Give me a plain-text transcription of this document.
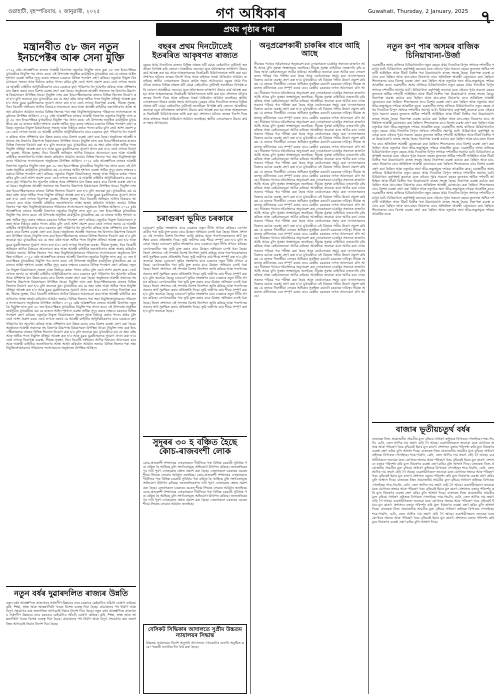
গুৱাহাটী, বৃহস্পতিবাৰ, ২ জানুৱাৰী, ২০২৫	গণ অধিকাৰ	Guwahati, Thursday, 2 January, 2025 ৭
প্ৰথম পৃষ্ঠাৰ পৰা
মন্ত্ৰানবীত ৫৮ জন নতুন ইনচপেক্টৰ আৰু সেনা মুক্তি
২০২৫ বৰ্ষৰ আৰম্ভণিতে ৰাজ্যৰ আৰক্ষী বিভাগত নতুনকৈ নিযুক্তি লাভ কৰা ৫৮ জন ইনচপেক্টৰক মুখ্যমন্ত্ৰীয়ে নিযুক্তি পত্ৰ প্ৰদান কৰে। এই উপলক্ষে অনুষ্ঠিত কাৰ্যসূচীত মুখ্যমন্ত্ৰীয়ে কয় যে ৰাজ্যৰ আইন শৃংখলা ব্যৱস্থা অধিক সুদৃঢ় কৰাৰ লক্ষ্যৰে চৰকাৰে বিভিন্ন পদক্ষেপ গ্ৰহণ কৰিছে। নতুনকৈ নিযুক্ত বিষয়াসকলে সততা আৰু নিষ্ঠাৰে কৰ্তব্য পালন কৰিব বুলি তেওঁ আশা প্ৰকাশ কৰে। তেওঁ লগতে জনায় যে আৰক্ষী বাহিনীৰ আধুনিকীকৰণৰ বাবে চৰকাৰে বৃহৎ পৰিমাণৰ ধন আবণ্টন কৰিছে আৰু প্ৰশিক্ষণৰ মান উন্নত কৰাৰ বাবে বিশেষ ব্যৱস্থা গ্ৰহণ কৰা হৈছে। অনুষ্ঠানত আৰক্ষী সঞ্চালক সহ বিভাগৰ উচ্চপদস্থ বিষয়াসকল উপস্থিত থাকে। নিযুক্তি লাভ কৰা ইনচপেক্টৰসকলক ৰাজ্যৰ বিভিন্ন জিলাত নিয়োগ কৰা হ'ব বুলি জনোৱা হয়। মুখ্যমন্ত্ৰীয়ে কয় যে অহা বৰ্ষত আৰু অধিক পদত নিযুক্তি প্ৰক্ৰিয়া আৰম্ভ কৰা হ'ব আৰু যুৱক যুৱতীসকলক সুযোগ প্ৰদান কৰা হ'ব। তেওঁ লগতে নিৰাপত্তা ব্যৱস্থা, সীমান্ত সুৰক্ষা, নিচা বিৰোধী অভিযান আদিৰ বিষয়েও আলোচনা কৰে আৰু আৰক্ষী বাহিনীক জনসাধাৰণৰ আস্থা অৰ্জন কৰিবলৈ আহ্বান জনায়। বিভিন্ন জিলাৰ পৰা অহা নিযুক্তিপ্ৰাপ্তসকলৰ পৰিয়ালৰ সদস্যসকলো অনুষ্ঠানত উপস্থিত আছিল। ২০২৫ বৰ্ষৰ আৰম্ভণিতে ৰাজ্যৰ আৰক্ষী বিভাগত নতুনকৈ নিযুক্তি লাভ কৰা ৫৮ জন ইনচপেক্টৰক মুখ্যমন্ত্ৰীয়ে নিযুক্তি পত্ৰ প্ৰদান কৰে। এই উপলক্ষে অনুষ্ঠিত কাৰ্যসূচীত মুখ্যমন্ত্ৰীয়ে কয় যে ৰাজ্যৰ আইন শৃংখলা ব্যৱস্থা অধিক সুদৃঢ় কৰাৰ লক্ষ্যৰে চৰকাৰে বিভিন্ন পদক্ষেপ গ্ৰহণ কৰিছে। নতুনকৈ নিযুক্ত বিষয়াসকলে সততা আৰু নিষ্ঠাৰে কৰ্তব্য পালন কৰিব বুলি তেওঁ আশা প্ৰকাশ কৰে। তেওঁ লগতে জনায় যে আৰক্ষী বাহিনীৰ আধুনিকীকৰণৰ বাবে চৰকাৰে বৃহৎ পৰিমাণৰ ধন আবণ্টন কৰিছে আৰু প্ৰশিক্ষণৰ মান উন্নত কৰাৰ বাবে বিশেষ ব্যৱস্থা গ্ৰহণ কৰা হৈছে। অনুষ্ঠানত আৰক্ষী সঞ্চালক সহ বিভাগৰ উচ্চপদস্থ বিষয়াসকল উপস্থিত থাকে। নিযুক্তি লাভ কৰা ইনচপেক্টৰসকলক ৰাজ্যৰ বিভিন্ন জিলাত নিয়োগ কৰা হ'ব বুলি জনোৱা হয়। মুখ্যমন্ত্ৰীয়ে কয় যে অহা বৰ্ষত আৰু অধিক পদত নিযুক্তি প্ৰক্ৰিয়া আৰম্ভ কৰা হ'ব আৰু যুৱক যুৱতীসকলক সুযোগ প্ৰদান কৰা হ'ব। তেওঁ লগতে নিৰাপত্তা ব্যৱস্থা, সীমান্ত সুৰক্ষা, নিচা বিৰোধী অভিযান আদিৰ বিষয়েও আলোচনা কৰে আৰু আৰক্ষী বাহিনীক জনসাধাৰণৰ আস্থা অৰ্জন কৰিবলৈ আহ্বান জনায়। বিভিন্ন জিলাৰ পৰা অহা নিযুক্তিপ্ৰাপ্তসকলৰ পৰিয়ালৰ সদস্যসকলো অনুষ্ঠানত উপস্থিত আছিল। ২০২৫ বৰ্ষৰ আৰম্ভণিতে ৰাজ্যৰ আৰক্ষী বিভাগত নতুনকৈ নিযুক্তি লাভ কৰা ৫৮ জন ইনচপেক্টৰক মুখ্যমন্ত্ৰীয়ে নিযুক্তি পত্ৰ প্ৰদান কৰে। এই উপলক্ষে অনুষ্ঠিত কাৰ্যসূচীত মুখ্যমন্ত্ৰীয়ে কয় যে ৰাজ্যৰ আইন শৃংখলা ব্যৱস্থা অধিক সুদৃঢ় কৰাৰ লক্ষ্যৰে চৰকাৰে বিভিন্ন পদক্ষেপ গ্ৰহণ কৰিছে। নতুনকৈ নিযুক্ত বিষয়াসকলে সততা আৰু নিষ্ঠাৰে কৰ্তব্য পালন কৰিব বুলি তেওঁ আশা প্ৰকাশ কৰে। তেওঁ লগতে জনায় যে আৰক্ষী বাহিনীৰ আধুনিকীকৰণৰ বাবে চৰকাৰে বৃহৎ পৰিমাণৰ ধন আবণ্টন কৰিছে আৰু প্ৰশিক্ষণৰ মান উন্নত কৰাৰ বাবে বিশেষ ব্যৱস্থা গ্ৰহণ কৰা হৈছে। অনুষ্ঠানত আৰক্ষী সঞ্চালক সহ বিভাগৰ উচ্চপদস্থ বিষয়াসকল উপস্থিত থাকে। নিযুক্তি লাভ কৰা ইনচপেক্টৰসকলক ৰাজ্যৰ বিভিন্ন জিলাত নিয়োগ কৰা হ'ব বুলি জনোৱা হয়। মুখ্যমন্ত্ৰীয়ে কয় যে অহা বৰ্ষত আৰু অধিক পদত নিযুক্তি প্ৰক্ৰিয়া আৰম্ভ কৰা হ'ব আৰু যুৱক যুৱতীসকলক সুযোগ প্ৰদান কৰা হ'ব। তেওঁ লগতে নিৰাপত্তা ব্যৱস্থা, সীমান্ত সুৰক্ষা, নিচা বিৰোধী অভিযান আদিৰ বিষয়েও আলোচনা কৰে আৰু আৰক্ষী বাহিনীক জনসাধাৰণৰ আস্থা অৰ্জন কৰিবলৈ আহ্বান জনায়। বিভিন্ন জিলাৰ পৰা অহা নিযুক্তিপ্ৰাপ্তসকলৰ পৰিয়ালৰ সদস্যসকলো অনুষ্ঠানত উপস্থিত আছিল। ২০২৫ বৰ্ষৰ আৰম্ভণিতে ৰাজ্যৰ আৰক্ষী বিভাগত নতুনকৈ নিযুক্তি লাভ কৰা ৫৮ জন ইনচপেক্টৰক মুখ্যমন্ত্ৰীয়ে নিযুক্তি পত্ৰ প্ৰদান কৰে। এই উপলক্ষে অনুষ্ঠিত কাৰ্যসূচীত মুখ্যমন্ত্ৰীয়ে কয় যে ৰাজ্যৰ আইন শৃংখলা ব্যৱস্থা অধিক সুদৃঢ় কৰাৰ লক্ষ্যৰে চৰকাৰে বিভিন্ন পদক্ষেপ গ্ৰহণ কৰিছে। নতুনকৈ নিযুক্ত বিষয়াসকলে সততা আৰু নিষ্ঠাৰে কৰ্তব্য পালন কৰিব বুলি তেওঁ আশা প্ৰকাশ কৰে। তেওঁ লগতে জনায় যে আৰক্ষী বাহিনীৰ আধুনিকীকৰণৰ বাবে চৰকাৰে বৃহৎ পৰিমাণৰ ধন আবণ্টন কৰিছে আৰু প্ৰশিক্ষণৰ মান উন্নত কৰাৰ বাবে বিশেষ ব্যৱস্থা গ্ৰহণ কৰা হৈছে। অনুষ্ঠানত আৰক্ষী সঞ্চালক সহ বিভাগৰ উচ্চপদস্থ বিষয়াসকল উপস্থিত থাকে। নিযুক্তি লাভ কৰা ইনচপেক্টৰসকলক ৰাজ্যৰ বিভিন্ন জিলাত নিয়োগ কৰা হ'ব বুলি জনোৱা হয়। মুখ্যমন্ত্ৰীয়ে কয় যে অহা বৰ্ষত আৰু অধিক পদত নিযুক্তি প্ৰক্ৰিয়া আৰম্ভ কৰা হ'ব আৰু যুৱক যুৱতীসকলক সুযোগ প্ৰদান কৰা হ'ব। তেওঁ লগতে নিৰাপত্তা ব্যৱস্থা, সীমান্ত সুৰক্ষা, নিচা বিৰোধী অভিযান আদিৰ বিষয়েও আলোচনা কৰে আৰু আৰক্ষী বাহিনীক জনসাধাৰণৰ আস্থা অৰ্জন কৰিবলৈ আহ্বান জনায়। বিভিন্ন জিলাৰ পৰা অহা নিযুক্তিপ্ৰাপ্তসকলৰ পৰিয়ালৰ সদস্যসকলো অনুষ্ঠানত উপস্থিত আছিল। ২০২৫ বৰ্ষৰ আৰম্ভণিতে ৰাজ্যৰ আৰক্ষী বিভাগত নতুনকৈ নিযুক্তি লাভ কৰা ৫৮ জন ইনচপেক্টৰক মুখ্যমন্ত্ৰীয়ে নিযুক্তি পত্ৰ প্ৰদান কৰে। এই উপলক্ষে অনুষ্ঠিত কাৰ্যসূচীত মুখ্যমন্ত্ৰীয়ে কয় যে ৰাজ্যৰ আইন শৃংখলা ব্যৱস্থা অধিক সুদৃঢ় কৰাৰ লক্ষ্যৰে চৰকাৰে বিভিন্ন পদক্ষেপ গ্ৰহণ কৰিছে। নতুনকৈ নিযুক্ত বিষয়াসকলে সততা আৰু নিষ্ঠাৰে কৰ্তব্য পালন কৰিব বুলি তেওঁ আশা প্ৰকাশ কৰে। তেওঁ লগতে জনায় যে আৰক্ষী বাহিনীৰ আধুনিকীকৰণৰ বাবে চৰকাৰে বৃহৎ পৰিমাণৰ ধন আবণ্টন কৰিছে আৰু প্ৰশিক্ষণৰ মান উন্নত কৰাৰ বাবে বিশেষ ব্যৱস্থা গ্ৰহণ কৰা হৈছে। অনুষ্ঠানত আৰক্ষী সঞ্চালক সহ বিভাগৰ উচ্চপদস্থ বিষয়াসকল উপস্থিত থাকে। নিযুক্তি লাভ কৰা ইনচপেক্টৰসকলক ৰাজ্যৰ বিভিন্ন জিলাত নিয়োগ কৰা হ'ব বুলি জনোৱা হয়। মুখ্যমন্ত্ৰীয়ে কয় যে অহা বৰ্ষত আৰু অধিক পদত নিযুক্তি প্ৰক্ৰিয়া আৰম্ভ কৰা হ'ব আৰু যুৱক যুৱতীসকলক সুযোগ প্ৰদান কৰা হ'ব। তেওঁ লগতে নিৰাপত্তা ব্যৱস্থা, সীমান্ত সুৰক্ষা, নিচা বিৰোধী অভিযান আদিৰ বিষয়েও আলোচনা কৰে আৰু আৰক্ষী বাহিনীক জনসাধাৰণৰ আস্থা অৰ্জন কৰিবলৈ আহ্বান জনায়। বিভিন্ন জিলাৰ পৰা অহা নিযুক্তিপ্ৰাপ্তসকলৰ পৰিয়ালৰ সদস্যসকলো অনুষ্ঠানত উপস্থিত আছিল। ২০২৫ বৰ্ষৰ আৰম্ভণিতে ৰাজ্যৰ আৰক্ষী বিভাগত নতুনকৈ নিযুক্তি লাভ কৰা ৫৮ জন ইনচপেক্টৰক মুখ্যমন্ত্ৰীয়ে নিযুক্তি পত্ৰ প্ৰদান কৰে। এই উপলক্ষে অনুষ্ঠিত কাৰ্যসূচীত মুখ্যমন্ত্ৰীয়ে কয় যে ৰাজ্যৰ আইন শৃংখলা ব্যৱস্থা অধিক সুদৃঢ় কৰাৰ লক্ষ্যৰে চৰকাৰে বিভিন্ন পদক্ষেপ গ্ৰহণ কৰিছে। নতুনকৈ নিযুক্ত বিষয়াসকলে সততা আৰু নিষ্ঠাৰে কৰ্তব্য পালন কৰিব বুলি তেওঁ আশা প্ৰকাশ কৰে। তেওঁ লগতে জনায় যে আৰক্ষী বাহিনীৰ আধুনিকীকৰণৰ বাবে চৰকাৰে বৃহৎ পৰিমাণৰ ধন আবণ্টন কৰিছে আৰু প্ৰশিক্ষণৰ মান উন্নত কৰাৰ বাবে বিশেষ ব্যৱস্থা গ্ৰহণ কৰা হৈছে। অনুষ্ঠানত আৰক্ষী সঞ্চালক সহ বিভাগৰ উচ্চপদস্থ বিষয়াসকল উপস্থিত থাকে। নিযুক্তি লাভ কৰা ইনচপেক্টৰসকলক ৰাজ্যৰ বিভিন্ন জিলাত নিয়োগ কৰা হ'ব বুলি জনোৱা হয়। মুখ্যমন্ত্ৰীয়ে কয় যে অহা বৰ্ষত আৰু অধিক পদত নিযুক্তি প্ৰক্ৰিয়া আৰম্ভ কৰা হ'ব আৰু যুৱক যুৱতীসকলক সুযোগ প্ৰদান কৰা হ'ব। তেওঁ লগতে নিৰাপত্তা ব্যৱস্থা, সীমান্ত সুৰক্ষা, নিচা বিৰোধী অভিযান আদিৰ বিষয়েও আলোচনা কৰে আৰু আৰক্ষী বাহিনীক জনসাধাৰণৰ আস্থা অৰ্জন কৰিবলৈ আহ্বান জনায়। বিভিন্ন জিলাৰ পৰা অহা নিযুক্তিপ্ৰাপ্তসকলৰ পৰিয়ালৰ সদস্যসকলো অনুষ্ঠানত উপস্থিত আছিল।
নতুন বৰ্ষৰ দুৱাৰদলিত ৰাজ্যৰ উন্নতি
নতুন বৰ্ষৰ আৰম্ভণিতে ৰাজ্যখনৰ সৰ্বাংগীণ উন্নয়নৰ বাবে চৰকাৰে কেইবাটাও আঁচনি ঘোষণা কৰিছে। কৃষি, শিক্ষা, স্বাস্থ্য আৰু আন্তঃগাঁথনি খণ্ডত বিশেষ গুৰুত্ব দিয়া হৈছে। গ্ৰামাঞ্চলৰ পথ নিৰ্মাণ আৰু বিদ্যুৎ সংযোগৰ কাম দ্ৰুতগতিত আগবঢ়াই নিয়াৰ নিৰ্দেশ দিয়া হৈছে। নতুন বৰ্ষৰ আৰম্ভণিতে ৰাজ্যখনৰ সৰ্বাংগীণ উন্নয়নৰ বাবে চৰকাৰে কেইবাটাও আঁচনি ঘোষণা কৰিছে। কৃষি, শিক্ষা, স্বাস্থ্য আৰু আন্তঃগাঁথনি খণ্ডত বিশেষ গুৰুত্ব দিয়া হৈছে। গ্ৰামাঞ্চলৰ পথ নিৰ্মাণ আৰু বিদ্যুৎ সংযোগৰ কাম দ্ৰুতগতিত আগবঢ়াই নিয়াৰ নিৰ্দেশ দিয়া হৈছে।
বছৰৰ প্ৰথম দিনটোতেই ইতৰৰিত আকৃষণত ৰাজ্যত
বছৰৰ প্ৰথম দিনটোতে ৰাজ্যৰ বিভিন্ন প্ৰান্তত ঘটি যোৱা কেইবাটাও দুৰ্ঘটনাই জনজীৱন বিপৰ্যস্ত কৰি তোলে। আৰক্ষীয়ে জনোৱা মতে ঘটনাস্থলত তৎক্ষণাৎ উদ্ধাৰ কাৰ্য আৰম্ভ কৰা হয় আৰু আহতসকলক নিকটৱৰ্তী চিকিৎসালয়ত ভৰ্তি কৰা হয়। প্ৰশাসনে ঘটনাৰ তদন্তৰ নিৰ্দেশ দিছে আৰু ৰাইজক সতৰ্ক থাকিবলৈ আহ্বান জনাইছে। স্থানীয় লোকসকলে উদ্ধাৰ কাৰ্যত সহায় আগবঢ়ায়। বছৰৰ প্ৰথম দিনটোতে ৰাজ্যৰ বিভিন্ন প্ৰান্তত ঘটি যোৱা কেইবাটাও দুৰ্ঘটনাই জনজীৱন বিপৰ্যস্ত কৰি তোলে। আৰক্ষীয়ে জনোৱা মতে ঘটনাস্থলত তৎক্ষণাৎ উদ্ধাৰ কাৰ্য আৰম্ভ কৰা হয় আৰু আহতসকলক নিকটৱৰ্তী চিকিৎসালয়ত ভৰ্তি কৰা হয়। প্ৰশাসনে ঘটনাৰ তদন্তৰ নিৰ্দেশ দিছে আৰু ৰাইজক সতৰ্ক থাকিবলৈ আহ্বান জনাইছে। স্থানীয় লোকসকলে উদ্ধাৰ কাৰ্যত সহায় আগবঢ়ায়। বছৰৰ প্ৰথম দিনটোতে ৰাজ্যৰ বিভিন্ন প্ৰান্তত ঘটি যোৱা কেইবাটাও দুৰ্ঘটনাই জনজীৱন বিপৰ্যস্ত কৰি তোলে। আৰক্ষীয়ে জনোৱা মতে ঘটনাস্থলত তৎক্ষণাৎ উদ্ধাৰ কাৰ্য আৰম্ভ কৰা হয় আৰু আহতসকলক নিকটৱৰ্তী চিকিৎসালয়ত ভৰ্তি কৰা হয়। প্ৰশাসনে ঘটনাৰ তদন্তৰ নিৰ্দেশ দিছে আৰু ৰাইজক সতৰ্ক থাকিবলৈ আহ্বান জনাইছে। স্থানীয় লোকসকলে উদ্ধাৰ কাৰ্যত সহায় আগবঢ়ায়।
চৰাগুৰণ ভূমিত চৰকাৰে
চৰাগুৰণ ভূমিৰ সংৰক্ষণৰ বাবে চৰকাৰে নতুন নীতি প্ৰণয়ন কৰিছে। বেদখলকাৰীৰ পৰা ভূমি মুক্ত কৰাৰ বাবে উচ্ছেদ অভিযান চলাই থকা হৈছে। জিলা প্ৰশাসনে এই সন্দৰ্ভত বিশেষ নিৰ্দেশনা জাৰি কৰিছে আৰু পশুপালকসকলৰ স্বাৰ্থ সুৰক্ষিত কৰাৰ প্ৰতিশ্ৰুতি দিছে। ভূমি জৰীপৰ কাম শীঘ্ৰে সম্পূৰ্ণ কৰা হ'ব বুলি জনোৱা হৈছে। চৰাগুৰণ ভূমিৰ সংৰক্ষণৰ বাবে চৰকাৰে নতুন নীতি প্ৰণয়ন কৰিছে। বেদখলকাৰীৰ পৰা ভূমি মুক্ত কৰাৰ বাবে উচ্ছেদ অভিযান চলাই থকা হৈছে। জিলা প্ৰশাসনে এই সন্দৰ্ভত বিশেষ নিৰ্দেশনা জাৰি কৰিছে আৰু পশুপালকসকলৰ স্বাৰ্থ সুৰক্ষিত কৰাৰ প্ৰতিশ্ৰুতি দিছে। ভূমি জৰীপৰ কাম শীঘ্ৰে সম্পূৰ্ণ কৰা হ'ব বুলি জনোৱা হৈছে। চৰাগুৰণ ভূমিৰ সংৰক্ষণৰ বাবে চৰকাৰে নতুন নীতি প্ৰণয়ন কৰিছে। বেদখলকাৰীৰ পৰা ভূমি মুক্ত কৰাৰ বাবে উচ্ছেদ অভিযান চলাই থকা হৈছে। জিলা প্ৰশাসনে এই সন্দৰ্ভত বিশেষ নিৰ্দেশনা জাৰি কৰিছে আৰু পশুপালকসকলৰ স্বাৰ্থ সুৰক্ষিত কৰাৰ প্ৰতিশ্ৰুতি দিছে। ভূমি জৰীপৰ কাম শীঘ্ৰে সম্পূৰ্ণ কৰা হ'ব বুলি জনোৱা হৈছে। চৰাগুৰণ ভূমিৰ সংৰক্ষণৰ বাবে চৰকাৰে নতুন নীতি প্ৰণয়ন কৰিছে। বেদখলকাৰীৰ পৰা ভূমি মুক্ত কৰাৰ বাবে উচ্ছেদ অভিযান চলাই থকা হৈছে। জিলা প্ৰশাসনে এই সন্দৰ্ভত বিশেষ নিৰ্দেশনা জাৰি কৰিছে আৰু পশুপালকসকলৰ স্বাৰ্থ সুৰক্ষিত কৰাৰ প্ৰতিশ্ৰুতি দিছে। ভূমি জৰীপৰ কাম শীঘ্ৰে সম্পূৰ্ণ কৰা হ'ব বুলি জনোৱা হৈছে। চৰাগুৰণ ভূমিৰ সংৰক্ষণৰ বাবে চৰকাৰে নতুন নীতি প্ৰণয়ন কৰিছে। বেদখলকাৰীৰ পৰা ভূমি মুক্ত কৰাৰ বাবে উচ্ছেদ অভিযান চলাই থকা হৈছে। জিলা প্ৰশাসনে এই সন্দৰ্ভত বিশেষ নিৰ্দেশনা জাৰি কৰিছে আৰু পশুপালকসকলৰ স্বাৰ্থ সুৰক্ষিত কৰাৰ প্ৰতিশ্ৰুতি দিছে। ভূমি জৰীপৰ কাম শীঘ্ৰে সম্পূৰ্ণ কৰা হ'ব বুলি জনোৱা হৈছে।
সুদূৰৰ ৩০ হ বঞ্চিত হৈছে কোচ-ৰাজবংশী লোক
কোচ-ৰাজবংশী সম্প্ৰদায়ৰ লোকসকলে দীৰ্ঘদিনৰ পৰা বিভিন্ন চৰকাৰী সুবিধাৰ পৰা বঞ্চিত হৈ আহিছে বুলি সংগঠনসমূহে অভিযোগ উত্থাপন কৰিছে। জনজাতিকৰণৰ দাবী পূৰণ নোহোৱাত ক্ষোভ প্ৰকাশ কৰা হৈছে। নেতাসকলে চৰকাৰৰ ওচৰত শীঘ্ৰে সিদ্ধান্ত লোৱাৰ আহ্বান জনাইছে। কোচ-ৰাজবংশী সম্প্ৰদায়ৰ লোকসকলে দীৰ্ঘদিনৰ পৰা বিভিন্ন চৰকাৰী সুবিধাৰ পৰা বঞ্চিত হৈ আহিছে বুলি সংগঠনসমূহে অভিযোগ উত্থাপন কৰিছে। জনজাতিকৰণৰ দাবী পূৰণ নোহোৱাত ক্ষোভ প্ৰকাশ কৰা হৈছে। নেতাসকলে চৰকাৰৰ ওচৰত শীঘ্ৰে সিদ্ধান্ত লোৱাৰ আহ্বান জনাইছে। কোচ-ৰাজবংশী সম্প্ৰদায়ৰ লোকসকলে দীৰ্ঘদিনৰ পৰা বিভিন্ন চৰকাৰী সুবিধাৰ পৰা বঞ্চিত হৈ আহিছে বুলি সংগঠনসমূহে অভিযোগ উত্থাপন কৰিছে। জনজাতিকৰণৰ দাবী পূৰণ নোহোৱাত ক্ষোভ প্ৰকাশ কৰা হৈছে। নেতাসকলে চৰকাৰৰ ওচৰত শীঘ্ৰে সিদ্ধান্ত লোৱাৰ আহ্বান জনাইছে।
বেসিকট সিদ্ধিকাৰ আদালতে সুপ্ৰীম উচ্চতম ন্যায়ালয়ৰ সিদ্ধান্ত
উচ্চতম ন্যায়ালয়ৰ নিৰ্দেশ অনুসৰি আদালতে গোচৰটোৰ শুনানি অনুষ্ঠিত কৰে। পৰৱৰ্তী শুনানিৰ দিন ধাৰ্য কৰা হৈছে।
অনুপ্ৰৱেশকাৰী চাকৰিৰ বাবে আহি আছে
সীমান্তৰ পথেৰে অবৈধভাৱে অনুপ্ৰৱেশ কৰা লোকসকলে চাকৰিৰ সন্ধানত ৰাজ্যলৈ আহি আছে বুলি সুৰক্ষা সংস্থাসমূহে জনাইছে। সীমান্ত সুৰক্ষা বাহিনীয়ে নজৰদাৰি বৃদ্ধি কৰিছে আৰু কেইবাজনকো আটক কৰিছে। আৰক্ষীয়ে জনোৱা মতে আটক কৰা লোকসকলৰ পৰিচয় পত্ৰ পৰীক্ষা কৰা হৈছে আৰু তেওঁলোকক সহায় কৰা দালালসকলৰ বিৰুদ্ধে কঠোৰ ব্যৱস্থা গ্ৰহণ কৰা হ'ব। মুখ্যমন্ত্ৰীয়ে এই বিষয়ত গভীৰ উদ্বেগ প্ৰকাশ কৰি কয় যে ৰাজ্যৰ খিলঞ্জীয়া লোকৰ অধিকাৰ সুৰক্ষিত কৰাটো চৰকাৰৰ দায়িত্ব। সীমান্ত অঞ্চলত কাঁটাতাৰৰ বেৰ সম্পূৰ্ণ কৰাৰ বাবে কেন্দ্ৰীয় চৰকাৰৰ লগত আলোচনা চলি আছে। সীমান্তৰ পথেৰে অবৈধভাৱে অনুপ্ৰৱেশ কৰা লোকসকলে চাকৰিৰ সন্ধানত ৰাজ্যলৈ আহি আছে বুলি সুৰক্ষা সংস্থাসমূহে জনাইছে। সীমান্ত সুৰক্ষা বাহিনীয়ে নজৰদাৰি বৃদ্ধি কৰিছে আৰু কেইবাজনকো আটক কৰিছে। আৰক্ষীয়ে জনোৱা মতে আটক কৰা লোকসকলৰ পৰিচয় পত্ৰ পৰীক্ষা কৰা হৈছে আৰু তেওঁলোকক সহায় কৰা দালালসকলৰ বিৰুদ্ধে কঠোৰ ব্যৱস্থা গ্ৰহণ কৰা হ'ব। মুখ্যমন্ত্ৰীয়ে এই বিষয়ত গভীৰ উদ্বেগ প্ৰকাশ কৰি কয় যে ৰাজ্যৰ খিলঞ্জীয়া লোকৰ অধিকাৰ সুৰক্ষিত কৰাটো চৰকাৰৰ দায়িত্ব। সীমান্ত অঞ্চলত কাঁটাতাৰৰ বেৰ সম্পূৰ্ণ কৰাৰ বাবে কেন্দ্ৰীয় চৰকাৰৰ লগত আলোচনা চলি আছে। সীমান্তৰ পথেৰে অবৈধভাৱে অনুপ্ৰৱেশ কৰা লোকসকলে চাকৰিৰ সন্ধানত ৰাজ্যলৈ আহি আছে বুলি সুৰক্ষা সংস্থাসমূহে জনাইছে। সীমান্ত সুৰক্ষা বাহিনীয়ে নজৰদাৰি বৃদ্ধি কৰিছে আৰু কেইবাজনকো আটক কৰিছে। আৰক্ষীয়ে জনোৱা মতে আটক কৰা লোকসকলৰ পৰিচয় পত্ৰ পৰীক্ষা কৰা হৈছে আৰু তেওঁলোকক সহায় কৰা দালালসকলৰ বিৰুদ্ধে কঠোৰ ব্যৱস্থা গ্ৰহণ কৰা হ'ব। মুখ্যমন্ত্ৰীয়ে এই বিষয়ত গভীৰ উদ্বেগ প্ৰকাশ কৰি কয় যে ৰাজ্যৰ খিলঞ্জীয়া লোকৰ অধিকাৰ সুৰক্ষিত কৰাটো চৰকাৰৰ দায়িত্ব। সীমান্ত অঞ্চলত কাঁটাতাৰৰ বেৰ সম্পূৰ্ণ কৰাৰ বাবে কেন্দ্ৰীয় চৰকাৰৰ লগত আলোচনা চলি আছে। সীমান্তৰ পথেৰে অবৈধভাৱে অনুপ্ৰৱেশ কৰা লোকসকলে চাকৰিৰ সন্ধানত ৰাজ্যলৈ আহি আছে বুলি সুৰক্ষা সংস্থাসমূহে জনাইছে। সীমান্ত সুৰক্ষা বাহিনীয়ে নজৰদাৰি বৃদ্ধি কৰিছে আৰু কেইবাজনকো আটক কৰিছে। আৰক্ষীয়ে জনোৱা মতে আটক কৰা লোকসকলৰ পৰিচয় পত্ৰ পৰীক্ষা কৰা হৈছে আৰু তেওঁলোকক সহায় কৰা দালালসকলৰ বিৰুদ্ধে কঠোৰ ব্যৱস্থা গ্ৰহণ কৰা হ'ব। মুখ্যমন্ত্ৰীয়ে এই বিষয়ত গভীৰ উদ্বেগ প্ৰকাশ কৰি কয় যে ৰাজ্যৰ খিলঞ্জীয়া লোকৰ অধিকাৰ সুৰক্ষিত কৰাটো চৰকাৰৰ দায়িত্ব। সীমান্ত অঞ্চলত কাঁটাতাৰৰ বেৰ সম্পূৰ্ণ কৰাৰ বাবে কেন্দ্ৰীয় চৰকাৰৰ লগত আলোচনা চলি আছে। সীমান্তৰ পথেৰে অবৈধভাৱে অনুপ্ৰৱেশ কৰা লোকসকলে চাকৰিৰ সন্ধানত ৰাজ্যলৈ আহি আছে বুলি সুৰক্ষা সংস্থাসমূহে জনাইছে। সীমান্ত সুৰক্ষা বাহিনীয়ে নজৰদাৰি বৃদ্ধি কৰিছে আৰু কেইবাজনকো আটক কৰিছে। আৰক্ষীয়ে জনোৱা মতে আটক কৰা লোকসকলৰ পৰিচয় পত্ৰ পৰীক্ষা কৰা হৈছে আৰু তেওঁলোকক সহায় কৰা দালালসকলৰ বিৰুদ্ধে কঠোৰ ব্যৱস্থা গ্ৰহণ কৰা হ'ব। মুখ্যমন্ত্ৰীয়ে এই বিষয়ত গভীৰ উদ্বেগ প্ৰকাশ কৰি কয় যে ৰাজ্যৰ খিলঞ্জীয়া লোকৰ অধিকাৰ সুৰক্ষিত কৰাটো চৰকাৰৰ দায়িত্ব। সীমান্ত অঞ্চলত কাঁটাতাৰৰ বেৰ সম্পূৰ্ণ কৰাৰ বাবে কেন্দ্ৰীয় চৰকাৰৰ লগত আলোচনা চলি আছে। সীমান্তৰ পথেৰে অবৈধভাৱে অনুপ্ৰৱেশ কৰা লোকসকলে চাকৰিৰ সন্ধানত ৰাজ্যলৈ আহি আছে বুলি সুৰক্ষা সংস্থাসমূহে জনাইছে। সীমান্ত সুৰক্ষা বাহিনীয়ে নজৰদাৰি বৃদ্ধি কৰিছে আৰু কেইবাজনকো আটক কৰিছে। আৰক্ষীয়ে জনোৱা মতে আটক কৰা লোকসকলৰ পৰিচয় পত্ৰ পৰীক্ষা কৰা হৈছে আৰু তেওঁলোকক সহায় কৰা দালালসকলৰ বিৰুদ্ধে কঠোৰ ব্যৱস্থা গ্ৰহণ কৰা হ'ব। মুখ্যমন্ত্ৰীয়ে এই বিষয়ত গভীৰ উদ্বেগ প্ৰকাশ কৰি কয় যে ৰাজ্যৰ খিলঞ্জীয়া লোকৰ অধিকাৰ সুৰক্ষিত কৰাটো চৰকাৰৰ দায়িত্ব। সীমান্ত অঞ্চলত কাঁটাতাৰৰ বেৰ সম্পূৰ্ণ কৰাৰ বাবে কেন্দ্ৰীয় চৰকাৰৰ লগত আলোচনা চলি আছে। সীমান্তৰ পথেৰে অবৈধভাৱে অনুপ্ৰৱেশ কৰা লোকসকলে চাকৰিৰ সন্ধানত ৰাজ্যলৈ আহি আছে বুলি সুৰক্ষা সংস্থাসমূহে জনাইছে। সীমান্ত সুৰক্ষা বাহিনীয়ে নজৰদাৰি বৃদ্ধি কৰিছে আৰু কেইবাজনকো আটক কৰিছে। আৰক্ষীয়ে জনোৱা মতে আটক কৰা লোকসকলৰ পৰিচয় পত্ৰ পৰীক্ষা কৰা হৈছে আৰু তেওঁলোকক সহায় কৰা দালালসকলৰ বিৰুদ্ধে কঠোৰ ব্যৱস্থা গ্ৰহণ কৰা হ'ব। মুখ্যমন্ত্ৰীয়ে এই বিষয়ত গভীৰ উদ্বেগ প্ৰকাশ কৰি কয় যে ৰাজ্যৰ খিলঞ্জীয়া লোকৰ অধিকাৰ সুৰক্ষিত কৰাটো চৰকাৰৰ দায়িত্ব। সীমান্ত অঞ্চলত কাঁটাতাৰৰ বেৰ সম্পূৰ্ণ কৰাৰ বাবে কেন্দ্ৰীয় চৰকাৰৰ লগত আলোচনা চলি আছে। সীমান্তৰ পথেৰে অবৈধভাৱে অনুপ্ৰৱেশ কৰা লোকসকলে চাকৰিৰ সন্ধানত ৰাজ্যলৈ আহি আছে বুলি সুৰক্ষা সংস্থাসমূহে জনাইছে। সীমান্ত সুৰক্ষা বাহিনীয়ে নজৰদাৰি বৃদ্ধি কৰিছে আৰু কেইবাজনকো আটক কৰিছে। আৰক্ষীয়ে জনোৱা মতে আটক কৰা লোকসকলৰ পৰিচয় পত্ৰ পৰীক্ষা কৰা হৈছে আৰু তেওঁলোকক সহায় কৰা দালালসকলৰ বিৰুদ্ধে কঠোৰ ব্যৱস্থা গ্ৰহণ কৰা হ'ব। মুখ্যমন্ত্ৰীয়ে এই বিষয়ত গভীৰ উদ্বেগ প্ৰকাশ কৰি কয় যে ৰাজ্যৰ খিলঞ্জীয়া লোকৰ অধিকাৰ সুৰক্ষিত কৰাটো চৰকাৰৰ দায়িত্ব। সীমান্ত অঞ্চলত কাঁটাতাৰৰ বেৰ সম্পূৰ্ণ কৰাৰ বাবে কেন্দ্ৰীয় চৰকাৰৰ লগত আলোচনা চলি আছে।
নতুন কণ পাৰ অসমৰ বাজিক চিনিয়াখানা-উৰ্জা
গুৱাহাটীৰ অসম ৰাজ্যিক চিৰিয়াখানালৈ নতুন বছৰৰ প্ৰথম দিনটোত বিপুল সংখ্যক দৰ্শনাৰ্থীৰ সমাগম ঘটে। চিৰিয়াখানা কৰ্তৃপক্ষই জনোৱা মতে এইবাৰ পূৰ্বৰ সকলো বছৰৰ তুলনাত অধিক দৰ্শনাৰ্থী আহিছিল আৰু টিকট বিক্ৰীৰ পৰা উল্লেখযোগ্য ৰাজহ সংগ্ৰহ হৈছে। নিৰাপত্তা ব্যৱস্থা কঠোৰ কৰা হৈছিল আৰু যান-বাহন নিয়ন্ত্ৰণৰ বাবে অতিৰিক্ত আৰক্ষী মোতায়েন কৰা হৈছিল। শিশুসকলৰ বাবে বিশেষ ব্যৱস্থা গ্ৰহণ কৰা হৈছিল আৰু নতুনকৈ অনা জীৱ-জন্তুসমূহে দৰ্শকক আকৰ্ষিত কৰে। গুৱাহাটীৰ অসম ৰাজ্যিক চিৰিয়াখানালৈ নতুন বছৰৰ প্ৰথম দিনটোত বিপুল সংখ্যক দৰ্শনাৰ্থীৰ সমাগম ঘটে। চিৰিয়াখানা কৰ্তৃপক্ষই জনোৱা মতে এইবাৰ পূৰ্বৰ সকলো বছৰৰ তুলনাত অধিক দৰ্শনাৰ্থী আহিছিল আৰু টিকট বিক্ৰীৰ পৰা উল্লেখযোগ্য ৰাজহ সংগ্ৰহ হৈছে। নিৰাপত্তা ব্যৱস্থা কঠোৰ কৰা হৈছিল আৰু যান-বাহন নিয়ন্ত্ৰণৰ বাবে অতিৰিক্ত আৰক্ষী মোতায়েন কৰা হৈছিল। শিশুসকলৰ বাবে বিশেষ ব্যৱস্থা গ্ৰহণ কৰা হৈছিল আৰু নতুনকৈ অনা জীৱ-জন্তুসমূহে দৰ্শকক আকৰ্ষিত কৰে। গুৱাহাটীৰ অসম ৰাজ্যিক চিৰিয়াখানালৈ নতুন বছৰৰ প্ৰথম দিনটোত বিপুল সংখ্যক দৰ্শনাৰ্থীৰ সমাগম ঘটে। চিৰিয়াখানা কৰ্তৃপক্ষই জনোৱা মতে এইবাৰ পূৰ্বৰ সকলো বছৰৰ তুলনাত অধিক দৰ্শনাৰ্থী আহিছিল আৰু টিকট বিক্ৰীৰ পৰা উল্লেখযোগ্য ৰাজহ সংগ্ৰহ হৈছে। নিৰাপত্তা ব্যৱস্থা কঠোৰ কৰা হৈছিল আৰু যান-বাহন নিয়ন্ত্ৰণৰ বাবে অতিৰিক্ত আৰক্ষী মোতায়েন কৰা হৈছিল। শিশুসকলৰ বাবে বিশেষ ব্যৱস্থা গ্ৰহণ কৰা হৈছিল আৰু নতুনকৈ অনা জীৱ-জন্তুসমূহে দৰ্শকক আকৰ্ষিত কৰে। গুৱাহাটীৰ অসম ৰাজ্যিক চিৰিয়াখানালৈ নতুন বছৰৰ প্ৰথম দিনটোত বিপুল সংখ্যক দৰ্শনাৰ্থীৰ সমাগম ঘটে। চিৰিয়াখানা কৰ্তৃপক্ষই জনোৱা মতে এইবাৰ পূৰ্বৰ সকলো বছৰৰ তুলনাত অধিক দৰ্শনাৰ্থী আহিছিল আৰু টিকট বিক্ৰীৰ পৰা উল্লেখযোগ্য ৰাজহ সংগ্ৰহ হৈছে। নিৰাপত্তা ব্যৱস্থা কঠোৰ কৰা হৈছিল আৰু যান-বাহন নিয়ন্ত্ৰণৰ বাবে অতিৰিক্ত আৰক্ষী মোতায়েন কৰা হৈছিল। শিশুসকলৰ বাবে বিশেষ ব্যৱস্থা গ্ৰহণ কৰা হৈছিল আৰু নতুনকৈ অনা জীৱ-জন্তুসমূহে দৰ্শকক আকৰ্ষিত কৰে। গুৱাহাটীৰ অসম ৰাজ্যিক চিৰিয়াখানালৈ নতুন বছৰৰ প্ৰথম দিনটোত বিপুল সংখ্যক দৰ্শনাৰ্থীৰ সমাগম ঘটে। চিৰিয়াখানা কৰ্তৃপক্ষই জনোৱা মতে এইবাৰ পূৰ্বৰ সকলো বছৰৰ তুলনাত অধিক দৰ্শনাৰ্থী আহিছিল আৰু টিকট বিক্ৰীৰ পৰা উল্লেখযোগ্য ৰাজহ সংগ্ৰহ হৈছে। নিৰাপত্তা ব্যৱস্থা কঠোৰ কৰা হৈছিল আৰু যান-বাহন নিয়ন্ত্ৰণৰ বাবে অতিৰিক্ত আৰক্ষী মোতায়েন কৰা হৈছিল। শিশুসকলৰ বাবে বিশেষ ব্যৱস্থা গ্ৰহণ কৰা হৈছিল আৰু নতুনকৈ অনা জীৱ-জন্তুসমূহে দৰ্শকক আকৰ্ষিত কৰে। গুৱাহাটীৰ অসম ৰাজ্যিক চিৰিয়াখানালৈ নতুন বছৰৰ প্ৰথম দিনটোত বিপুল সংখ্যক দৰ্শনাৰ্থীৰ সমাগম ঘটে। চিৰিয়াখানা কৰ্তৃপক্ষই জনোৱা মতে এইবাৰ পূৰ্বৰ সকলো বছৰৰ তুলনাত অধিক দৰ্শনাৰ্থী আহিছিল আৰু টিকট বিক্ৰীৰ পৰা উল্লেখযোগ্য ৰাজহ সংগ্ৰহ হৈছে। নিৰাপত্তা ব্যৱস্থা কঠোৰ কৰা হৈছিল আৰু যান-বাহন নিয়ন্ত্ৰণৰ বাবে অতিৰিক্ত আৰক্ষী মোতায়েন কৰা হৈছিল। শিশুসকলৰ বাবে বিশেষ ব্যৱস্থা গ্ৰহণ কৰা হৈছিল আৰু নতুনকৈ অনা জীৱ-জন্তুসমূহে দৰ্শকক আকৰ্ষিত কৰে। গুৱাহাটীৰ অসম ৰাজ্যিক চিৰিয়াখানালৈ নতুন বছৰৰ প্ৰথম দিনটোত বিপুল সংখ্যক দৰ্শনাৰ্থীৰ সমাগম ঘটে। চিৰিয়াখানা কৰ্তৃপক্ষই জনোৱা মতে এইবাৰ পূৰ্বৰ সকলো বছৰৰ তুলনাত অধিক দৰ্শনাৰ্থী আহিছিল আৰু টিকট বিক্ৰীৰ পৰা উল্লেখযোগ্য ৰাজহ সংগ্ৰহ হৈছে। নিৰাপত্তা ব্যৱস্থা কঠোৰ কৰা হৈছিল আৰু যান-বাহন নিয়ন্ত্ৰণৰ বাবে অতিৰিক্ত আৰক্ষী মোতায়েন কৰা হৈছিল। শিশুসকলৰ বাবে বিশেষ ব্যৱস্থা গ্ৰহণ কৰা হৈছিল আৰু নতুনকৈ অনা জীৱ-জন্তুসমূহে দৰ্শকক আকৰ্ষিত কৰে।
বাজাৰ ভূতীয়চতুৰ্থ বৰ্ষৰ
বাজাৰত নিত্য প্ৰয়োজনীয় সামগ্ৰীৰ মূল্য বৃদ্ধিয়ে সাধাৰণ ৰাইজক বিপাঙত পেলাইছে। শাক-পাচলি, চেনি, তেল আদিৰ দাম ক্ৰমাৎ বাঢ়ি গৈ আছে। ব্যৱসায়ীসকলে জনোৱা মতে যোগানৰ অভাৱ আৰু পৰিবহণ খৰচ বৃদ্ধিয়েই ইয়াৰ মূল কাৰণ। প্ৰশাসনে বজাৰ পৰিদৰ্শন কৰি মূল্য নিয়ন্ত্ৰণৰ ব্যৱস্থা গ্ৰহণ কৰিব বুলি আশ্বাস দিছে। বাজাৰত নিত্য প্ৰয়োজনীয় সামগ্ৰীৰ মূল্য বৃদ্ধিয়ে সাধাৰণ ৰাইজক বিপাঙত পেলাইছে। শাক-পাচলি, চেনি, তেল আদিৰ দাম ক্ৰমাৎ বাঢ়ি গৈ আছে। ব্যৱসায়ীসকলে জনোৱা মতে যোগানৰ অভাৱ আৰু পৰিবহণ খৰচ বৃদ্ধিয়েই ইয়াৰ মূল কাৰণ। প্ৰশাসনে বজাৰ পৰিদৰ্শন কৰি মূল্য নিয়ন্ত্ৰণৰ ব্যৱস্থা গ্ৰহণ কৰিব বুলি আশ্বাস দিছে। বাজাৰত নিত্য প্ৰয়োজনীয় সামগ্ৰীৰ মূল্য বৃদ্ধিয়ে সাধাৰণ ৰাইজক বিপাঙত পেলাইছে। শাক-পাচলি, চেনি, তেল আদিৰ দাম ক্ৰমাৎ বাঢ়ি গৈ আছে। ব্যৱসায়ীসকলে জনোৱা মতে যোগানৰ অভাৱ আৰু পৰিবহণ খৰচ বৃদ্ধিয়েই ইয়াৰ মূল কাৰণ। প্ৰশাসনে বজাৰ পৰিদৰ্শন কৰি মূল্য নিয়ন্ত্ৰণৰ ব্যৱস্থা গ্ৰহণ কৰিব বুলি আশ্বাস দিছে। বাজাৰত নিত্য প্ৰয়োজনীয় সামগ্ৰীৰ মূল্য বৃদ্ধিয়ে সাধাৰণ ৰাইজক বিপাঙত পেলাইছে। শাক-পাচলি, চেনি, তেল আদিৰ দাম ক্ৰমাৎ বাঢ়ি গৈ আছে। ব্যৱসায়ীসকলে জনোৱা মতে যোগানৰ অভাৱ আৰু পৰিবহণ খৰচ বৃদ্ধিয়েই ইয়াৰ মূল কাৰণ। প্ৰশাসনে বজাৰ পৰিদৰ্শন কৰি মূল্য নিয়ন্ত্ৰণৰ ব্যৱস্থা গ্ৰহণ কৰিব বুলি আশ্বাস দিছে। বাজাৰত নিত্য প্ৰয়োজনীয় সামগ্ৰীৰ মূল্য বৃদ্ধিয়ে সাধাৰণ ৰাইজক বিপাঙত পেলাইছে। শাক-পাচলি, চেনি, তেল আদিৰ দাম ক্ৰমাৎ বাঢ়ি গৈ আছে। ব্যৱসায়ীসকলে জনোৱা মতে যোগানৰ অভাৱ আৰু পৰিবহণ খৰচ বৃদ্ধিয়েই ইয়াৰ মূল কাৰণ। প্ৰশাসনে বজাৰ পৰিদৰ্শন কৰি মূল্য নিয়ন্ত্ৰণৰ ব্যৱস্থা গ্ৰহণ কৰিব বুলি আশ্বাস দিছে। বাজাৰত নিত্য প্ৰয়োজনীয় সামগ্ৰীৰ মূল্য বৃদ্ধিয়ে সাধাৰণ ৰাইজক বিপাঙত পেলাইছে। শাক-পাচলি, চেনি, তেল আদিৰ দাম ক্ৰমাৎ বাঢ়ি গৈ আছে। ব্যৱসায়ীসকলে জনোৱা মতে যোগানৰ অভাৱ আৰু পৰিবহণ খৰচ বৃদ্ধিয়েই ইয়াৰ মূল কাৰণ। প্ৰশাসনে বজাৰ পৰিদৰ্শন কৰি মূল্য নিয়ন্ত্ৰণৰ ব্যৱস্থা গ্ৰহণ কৰিব বুলি আশ্বাস দিছে।
